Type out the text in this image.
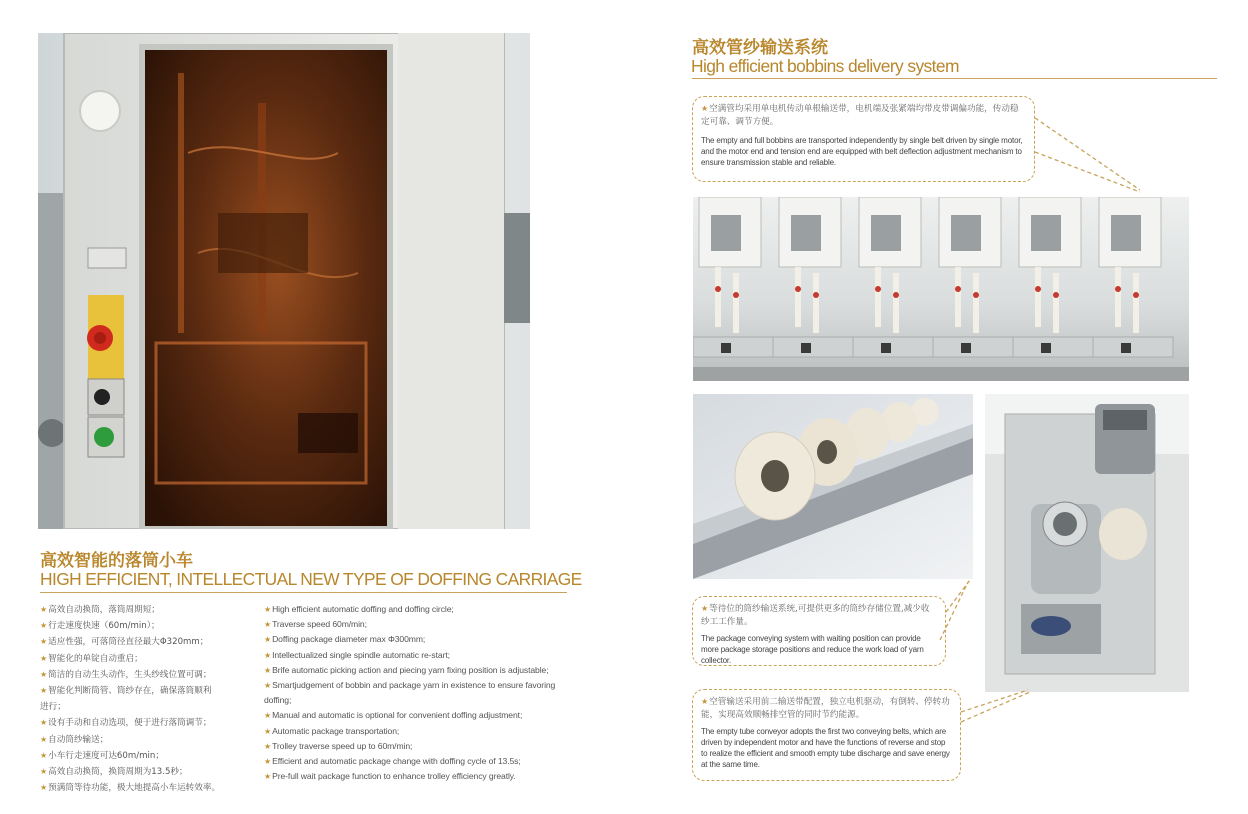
高效智能的落筒小车
HIGH EFFICIENT, INTELLECTUAL NEW TYPE OF DOFFING CARRIAGE
★ 高效自动换筒，落筒周期短；
★ 行走速度快速（60m/min）；
★ 适应性强，可落筒径直径最大Φ320mm；
★ 智能化的单锭自动重启；
★ 简洁的自动生头动作，生头纱线位置可调；
★ 智能化判断筒管、筒纱存在，确保落筒顺利
进行；
★ 设有手动和自动选项，便于进行落筒调节；
★ 自动筒纱输送；
★ 小车行走速度可达60m/min；
★ 高效自动换筒，换筒周期为13.5秒；
★ 预满筒等待功能，极大地提高小车运转效率。
★ High efficient automatic doffing and doffing circle;
★ Traverse speed 60m/min;
★ Doffing package diameter max Φ300mm;
★ Intellectualized single spindle automatic re-start;
★ Brife automatic picking action and piecing yarn fixing position is adjustable;
★ Smartjudgement of bobbin and package yarn in existence to ensure favoring
doffing;
★ Manual and automatic is optional for convenient doffing adjustment;
★ Automatic package transportation;
★ Trolley traverse speed up to 60m/min;
★ Efficient and automatic package change with doffing cycle of 13.5s;
★ Pre-full wait package function to enhance trolley efficiency greatly.
高效管纱输送系统
High efficient bobbins delivery system
★ 空满管均采用单电机传动单根输送带，电机端及张紧端均带皮带调偏功能，传动稳定可靠、调节方便。
The empty and full bobbins are transported independently by single belt driven by single motor, and the motor end and tension end are equipped with belt deflection adjustment mechanism to ensure transmission stable and reliable.
★ 等待位的筒纱输送系统,可提供更多的筒纱存储位置,减少收纱工工作量。
The package conveying system with waiting position can provide more package storage positions and reduce the work load of yarn collector.
★ 空管输送采用前二输送带配置，独立电机驱动，有倒转、停转功能，实现高效顺畅排空管的同时节约能源。
The empty tube conveyor adopts the first two conveying belts, which are driven by independent motor and have the functions of reverse and stop to realize the efficient and smooth empty tube discharge and save energy at the same time.
